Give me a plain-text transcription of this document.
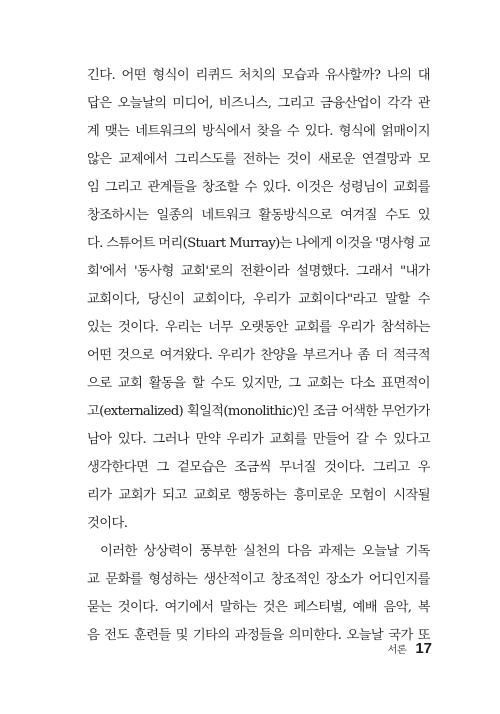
긴다. 어떤 형식이 리퀴드 처치의 모습과 유사할까? 나의 대
답은 오늘날의 미디어, 비즈니스, 그리고 금융산업이 각각 관
계 맺는 네트워크의 방식에서 찾을 수 있다. 형식에 얽매이지
않은 교제에서 그리스도를 전하는 것이 새로운 연결망과 모
임 그리고 관계들을 창조할 수 있다. 이것은 성령님이 교회를
창조하시는 일종의 네트워크 활동방식으로 여겨질 수도 있
다. 스튜어트 머리(Stuart Murray)는 나에게 이것을 '명사형 교
회'에서 '동사형 교회'로의 전환이라 설명했다. 그래서 "내가
교회이다, 당신이 교회이다, 우리가 교회이다"라고 말할 수
있는 것이다. 우리는 너무 오랫동안 교회를 우리가 참석하는
어떤 것으로 여겨왔다. 우리가 찬양을 부르거나 좀 더 적극적
으로 교회 활동을 할 수도 있지만, 그 교회는 다소 표면적이
고(externalized) 획일적(monolithic)인 조금 어색한 무언가가
남아 있다. 그러나 만약 우리가 교회를 만들어 갈 수 있다고
생각한다면 그 겉모습은 조금씩 무너질 것이다. 그리고 우
리가 교회가 되고 교회로 행동하는 흥미로운 모험이 시작될
것이다.
이러한 상상력이 풍부한 실천의 다음 과제는 오늘날 기독
교 문화를 형성하는 생산적이고 창조적인 장소가 어디인지를
묻는 것이다. 여기에서 말하는 것은 페스티벌, 예배 음악, 복
음 전도 훈련들 및 기타의 과정들을 의미한다. 오늘날 국가 또
서론 17
